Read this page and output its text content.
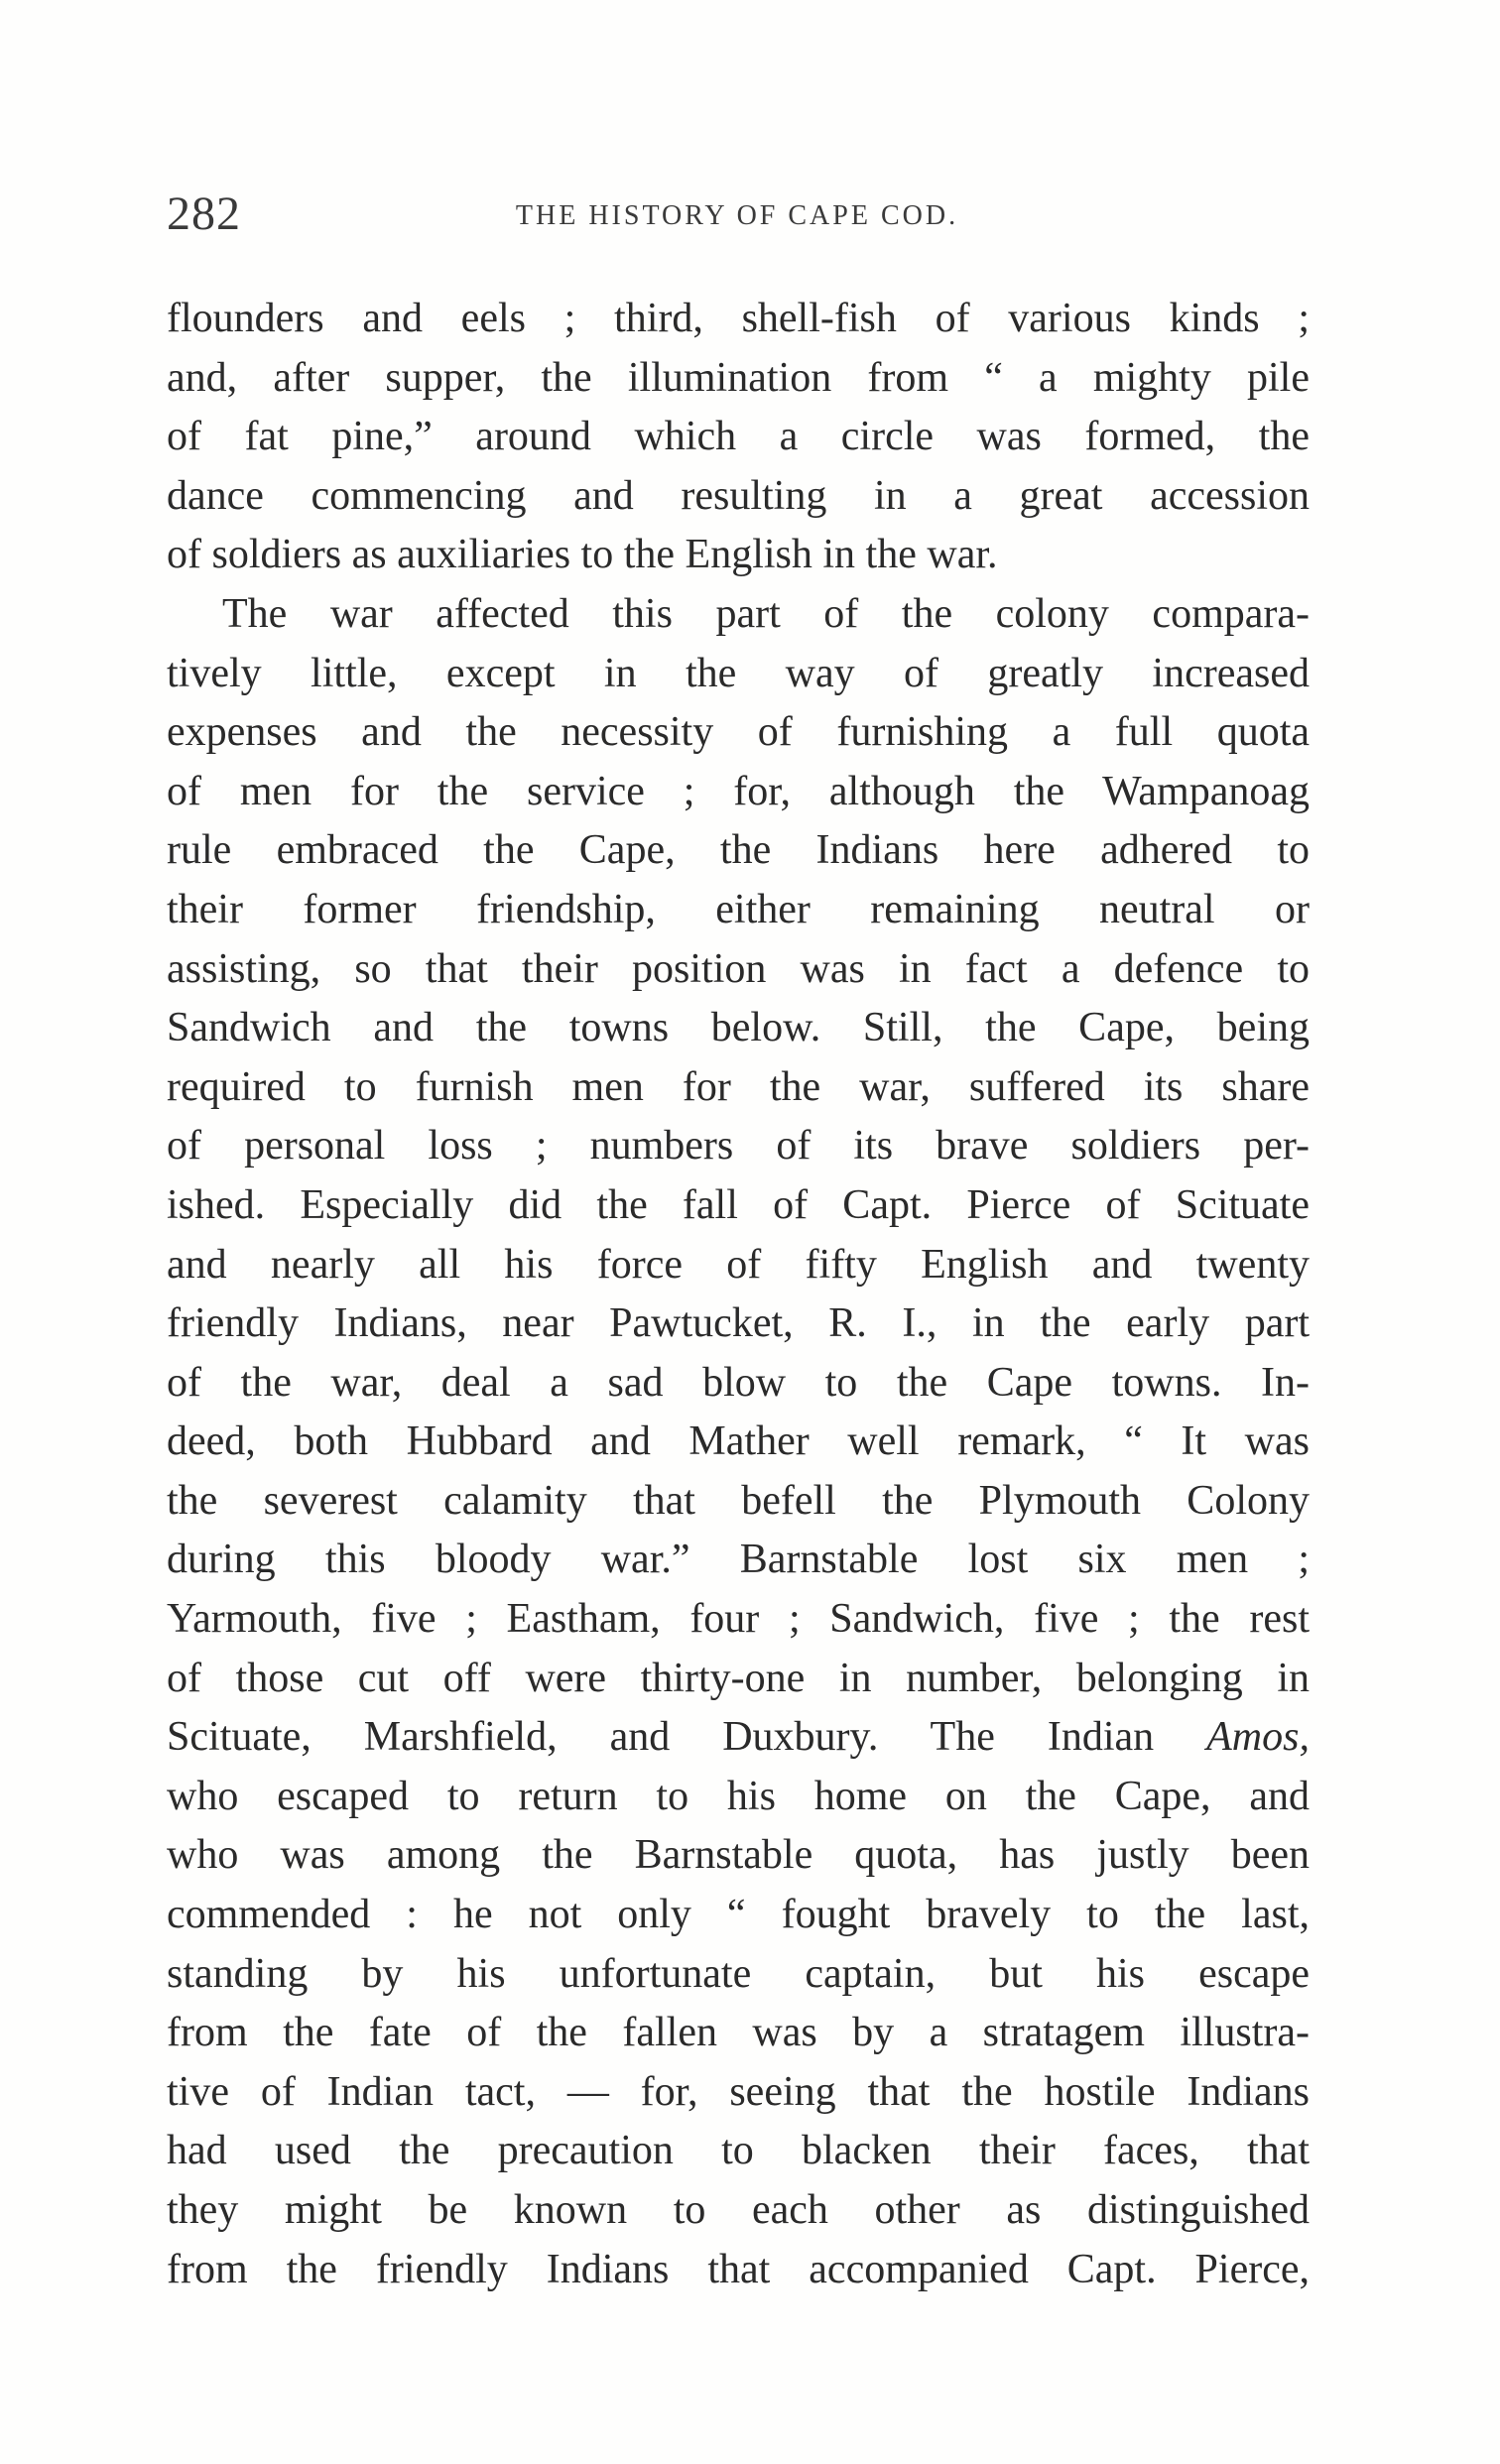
282	THE HISTORY OF CAPE COD.
flounders and eels ; third, shell-fish of various kinds ;
and, after supper, the illumination from “ a mighty pile
of fat pine,” around which a circle was formed, the
dance commencing and resulting in a great accession
of soldiers as auxiliaries to the English in the war.
The war affected this part of the colony compara-
tively little, except in the way of greatly increased
expenses and the necessity of furnishing a full quota
of men for the service ; for, although the Wampanoag
rule embraced the Cape, the Indians here adhered to
their former friendship, either remaining neutral or
assisting, so that their position was in fact a defence to
Sandwich and the towns below. Still, the Cape, being
required to furnish men for the war, suffered its share
of personal loss ; numbers of its brave soldiers per-
ished. Especially did the fall of Capt. Pierce of Scituate
and nearly all his force of fifty English and twenty
friendly Indians, near Pawtucket, R. I., in the early part
of the war, deal a sad blow to the Cape towns. In-
deed, both Hubbard and Mather well remark, “ It was
the severest calamity that befell the Plymouth Colony
during this bloody war.” Barnstable lost six men ;
Yarmouth, five ; Eastham, four ; Sandwich, five ; the rest
of those cut off were thirty-one in number, belonging in
Scituate, Marshfield, and Duxbury. The Indian Amos,
who escaped to return to his home on the Cape, and
who was among the Barnstable quota, has justly been
commended : he not only “ fought bravely to the last,
standing by his unfortunate captain, but his escape
from the fate of the fallen was by a stratagem illustra-
tive of Indian tact, — for, seeing that the hostile Indians
had used the precaution to blacken their faces, that
they might be known to each other as distinguished
from the friendly Indians that accompanied Capt. Pierce,
